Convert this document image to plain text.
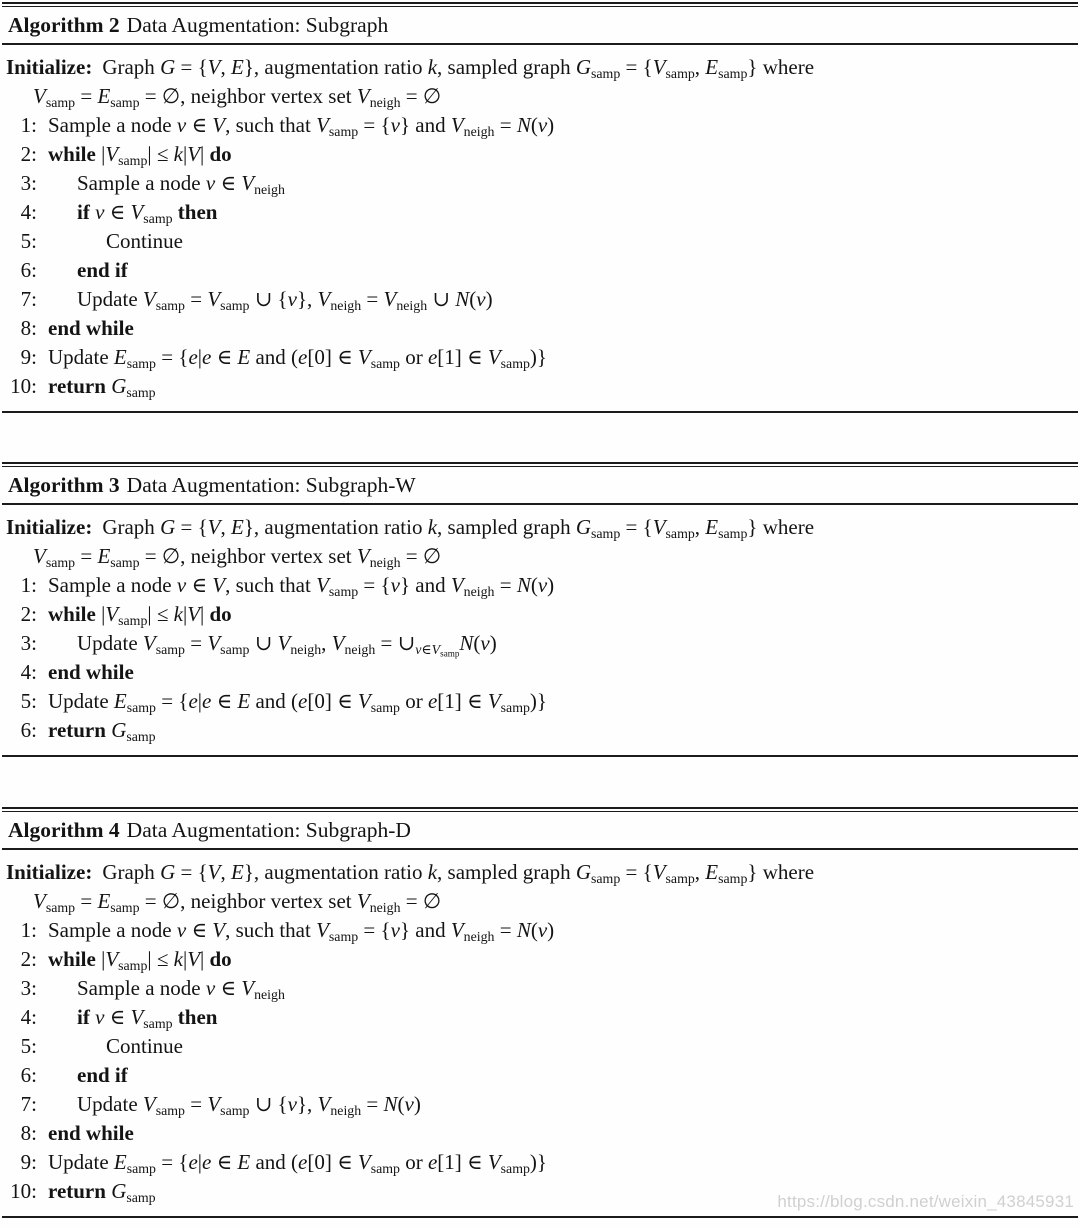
Algorithm 2 Data Augmentation: Subgraph
Initialize: Graph G = {V, E}, augmentation ratio k, sampled graph Gsamp = {Vsamp, Esamp} where
Vsamp = Esamp = ∅, neighbor vertex set Vneigh = ∅
1: Sample a node v ∈ V, such that Vsamp = {v} and Vneigh = N(v)
2: while |Vsamp| ≤ k|V| do
3:	Sample a node v ∈ Vneigh
4:	if v ∈ Vsamp then
5:	Continue
6:	end if
7:	Update Vsamp = Vsamp ∪ {v}, Vneigh = Vneigh ∪ N(v)
8: end while
9: Update Esamp = {e|e ∈ E and (e[0] ∈ Vsamp or e[1] ∈ Vsamp)}
10: return Gsamp
Algorithm 3 Data Augmentation: Subgraph-W
Initialize: Graph G = {V, E}, augmentation ratio k, sampled graph Gsamp = {Vsamp, Esamp} where
Vsamp = Esamp = ∅, neighbor vertex set Vneigh = ∅
1: Sample a node v ∈ V, such that Vsamp = {v} and Vneigh = N(v)
2: while |Vsamp| ≤ k|V| do
3:	Update Vsamp = Vsamp ∪ Vneigh, Vneigh = ∪v∈VsampN(v)
4: end while
5: Update Esamp = {e|e ∈ E and (e[0] ∈ Vsamp or e[1] ∈ Vsamp)}
6: return Gsamp
Algorithm 4 Data Augmentation: Subgraph-D
Initialize: Graph G = {V, E}, augmentation ratio k, sampled graph Gsamp = {Vsamp, Esamp} where
Vsamp = Esamp = ∅, neighbor vertex set Vneigh = ∅
1: Sample a node v ∈ V, such that Vsamp = {v} and Vneigh = N(v)
2: while |Vsamp| ≤ k|V| do
3:	Sample a node v ∈ Vneigh
4:	if v ∈ Vsamp then
5:	Continue
6:	end if
7:	Update Vsamp = Vsamp ∪ {v}, Vneigh = N(v)
8: end while
9: Update Esamp = {e|e ∈ E and (e[0] ∈ Vsamp or e[1] ∈ Vsamp)}
10: return Gsamp	https://blog.csdn.net/weixin_43845931
